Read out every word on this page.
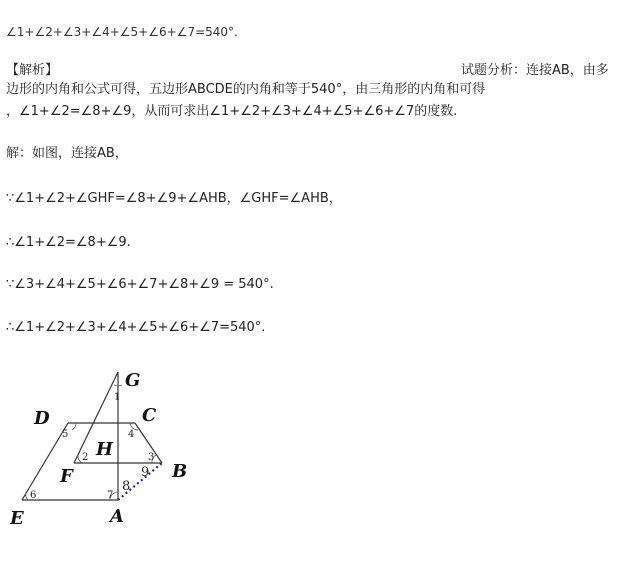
∠1+∠2+∠3+∠4+∠5+∠6+∠7=540°.
【解析】	试题分析：连接AB，由多
边形的内角和公式可得，五边形ABCDE的内角和等于540°，由三角形的内角和可得
，∠1+∠2=∠8+∠9，从而可求出∠1+∠2+∠3+∠4+∠5+∠6+∠7的度数.
解：如图，连接AB，
∵∠1+∠2+∠GHF=∠8+∠9+∠AHB，∠GHF=∠AHB，
∴∠1+∠2=∠8+∠9.
∵∠3+∠4+∠5+∠6+∠7+∠8+∠9 = 540°.
∴∠1+∠2+∠3+∠4+∠5+∠6+∠7=540°.
G
C
D
H
F	B
E	A
1
2	3
4
5
6	7
8
9
